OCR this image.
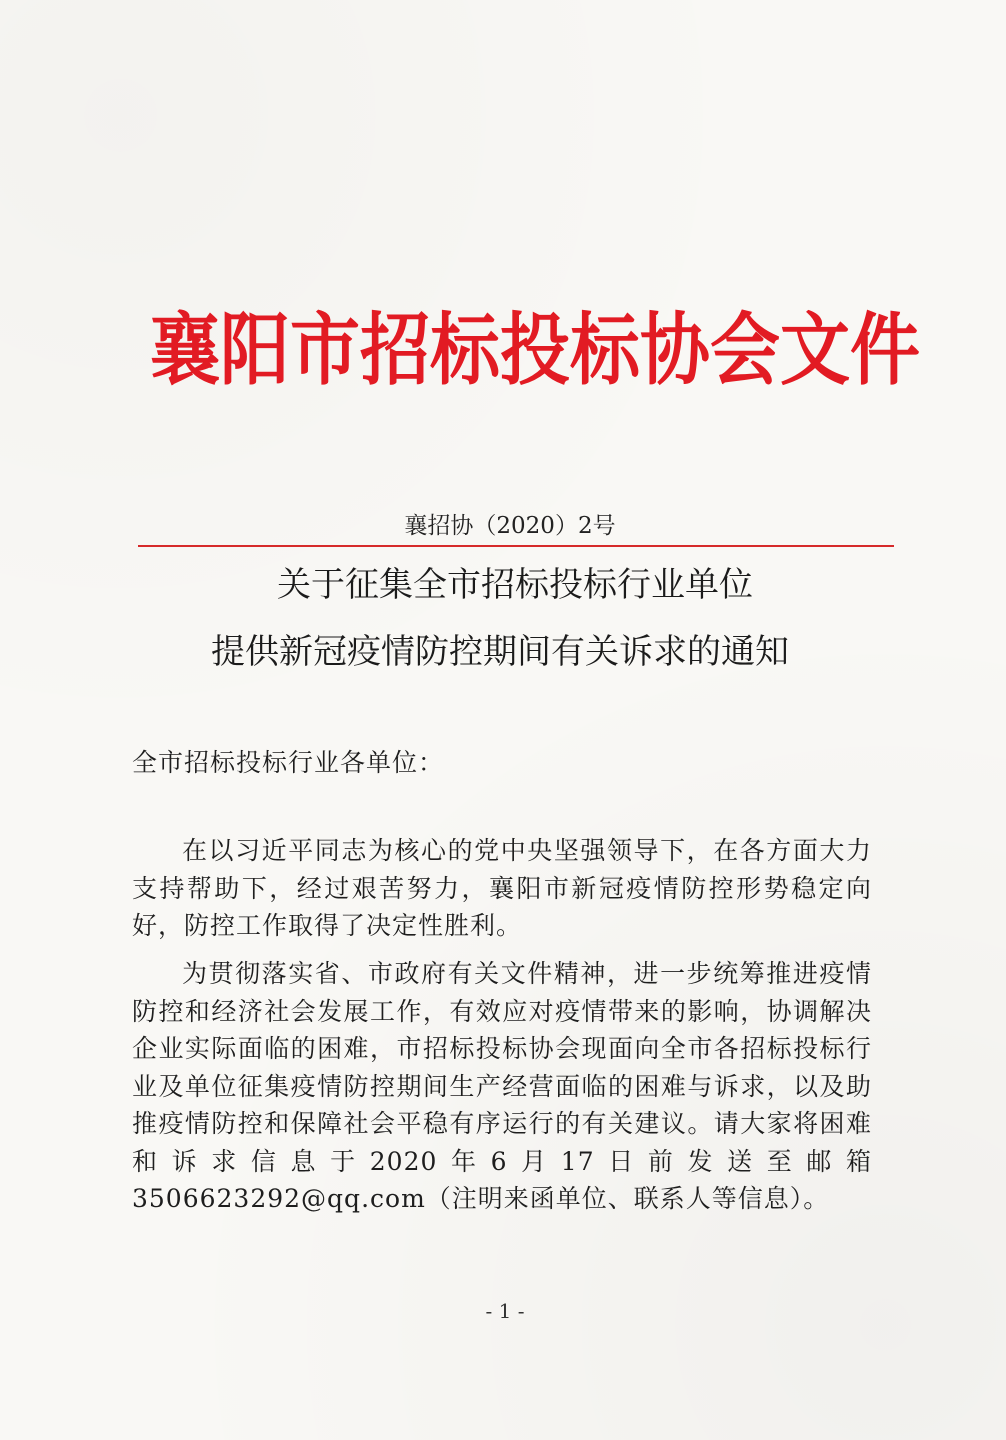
襄阳市招标投标协会文件
襄招协（2020）2号
关于征集全市招标投标行业单位
提供新冠疫情防控期间有关诉求的通知
全市招标投标行业各单位：

在以习近平同志为核心的党中央坚强领导下，在各方面大力支持帮助下，经过艰苦努力，襄阳市新冠疫情防控形势稳定向好，防控工作取得了决定性胜利。

为贯彻落实省、市政府有关文件精神，进一步统筹推进疫情防控和经济社会发展工作，有效应对疫情带来的影响，协调解决企业实际面临的困难，市招标投标协会现面向全市各招标投标行业及单位征集疫情防控期间生产经营面临的困难与诉求，以及助推疫情防控和保障社会平稳有序运行的有关建议。请大家将困难和诉求信息于2020年6月17日前发送至邮箱3506623292@qq.com（注明来函单位、联系人等信息）。

- 1 -
